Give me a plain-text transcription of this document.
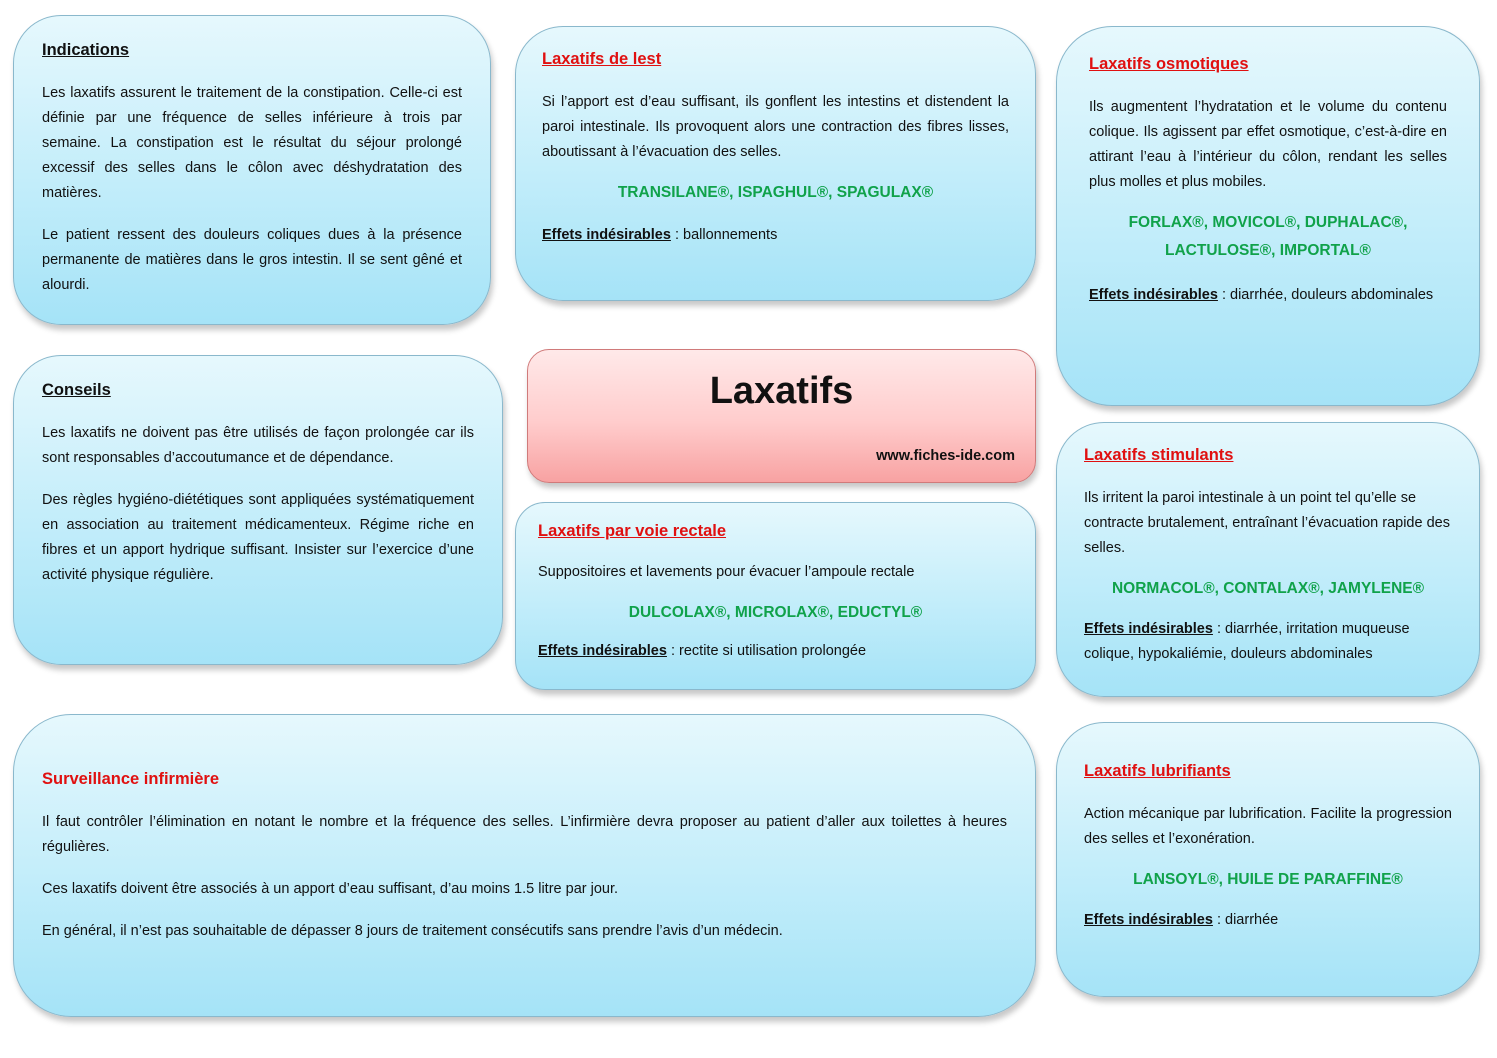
Indications

Les laxatifs assurent le traitement de la constipation. Celle-ci est définie par une fréquence de selles inférieure à trois par semaine. La constipation est le résultat du séjour prolongé excessif des selles dans le côlon avec déshydratation des matières.

Le patient ressent des douleurs coliques dues à la présence permanente de matières dans le gros intestin. Il se sent gêné et alourdi.

Conseils

Les laxatifs ne doivent pas être utilisés de façon prolongée car ils sont responsables d’accoutumance et de dépendance.

Des règles hygiéno-diététiques sont appliquées systématiquement en association au traitement médicamenteux. Régime riche en fibres et un apport hydrique suffisant. Insister sur l’exercice d’une activité physique régulière.

Laxatifs de lest

Si l’apport est d’eau suffisant, ils gonflent les intestins et distendent la paroi intestinale. Ils provoquent alors une contraction des fibres lisses, aboutissant à l’évacuation des selles.

TRANSILANE®, ISPAGHUL®, SPAGULAX®
Effets indésirables : ballonnements
Laxatifs
www.fiches-ide.com
Laxatifs par voie rectale

Suppositoires et lavements pour évacuer l’ampoule rectale

DULCOLAX®, MICROLAX®, EDUCTYL®
Effets indésirables : rectite si utilisation prolongée
Laxatifs osmotiques

Ils augmentent l’hydratation et le volume du contenu colique. Ils agissent par effet osmotique, c’est-à-dire en attirant l’eau à l’intérieur du côlon, rendant les selles plus molles et plus mobiles.

FORLAX®, MOVICOL®, DUPHALAC®,
LACTULOSE®, IMPORTAL®
Effets indésirables : diarrhée, douleurs abdominales
Laxatifs stimulants

Ils irritent la paroi intestinale à un point tel qu’elle se contracte brutalement, entraînant l’évacuation rapide des selles.

NORMACOL®, CONTALAX®, JAMYLENE®
Effets indésirables : diarrhée, irritation muqueuse colique, hypokaliémie, douleurs abdominales
Laxatifs lubrifiants

Action mécanique par lubrification. Facilite la progression des selles et l’exonération.

LANSOYL®, HUILE DE PARAFFINE®
Effets indésirables : diarrhée
Surveillance infirmière

Il faut contrôler l’élimination en notant le nombre et la fréquence des selles. L’infirmière devra proposer au patient d’aller aux toilettes à heures régulières.

Ces laxatifs doivent être associés à un apport d’eau suffisant, d’au moins 1.5 litre par jour.

En général, il n’est pas souhaitable de dépasser 8 jours de traitement consécutifs sans prendre l’avis d’un médecin.
